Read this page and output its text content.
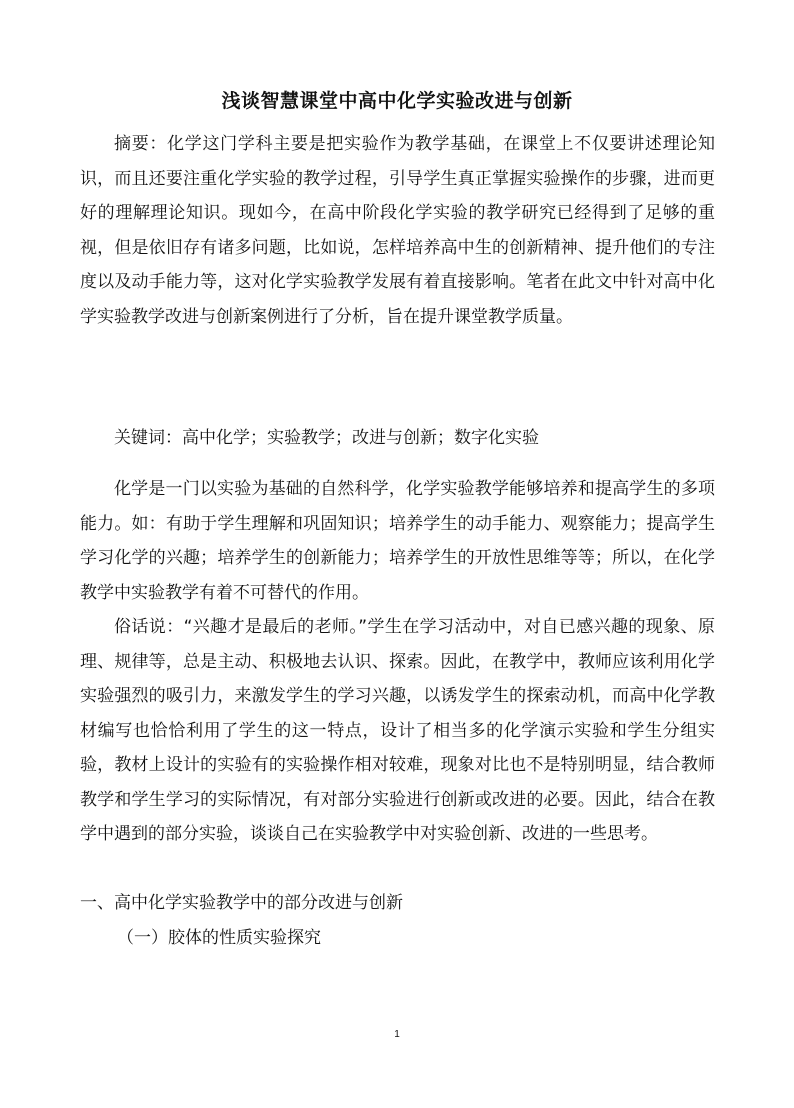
浅谈智慧课堂中高中化学实验改进与创新
摘要：化学这门学科主要是把实验作为教学基础，在课堂上不仅要讲述理论知识，而且还要注重化学实验的教学过程，引导学生真正掌握实验操作的步骤，进而更好的理解理论知识。现如今，在高中阶段化学实验的教学研究已经得到了足够的重视，但是依旧存有诸多问题，比如说，怎样培养高中生的创新精神、提升他们的专注度以及动手能力等，这对化学实验教学发展有着直接影响。笔者在此文中针对高中化学实验教学改进与创新案例进行了分析，旨在提升课堂教学质量。
关键词：高中化学；实验教学；改进与创新；数字化实验
化学是一门以实验为基础的自然科学，化学实验教学能够培养和提高学生的多项能力。如：有助于学生理解和巩固知识；培养学生的动手能力、观察能力；提高学生学习化学的兴趣；培养学生的创新能力；培养学生的开放性思维等等；所以，在化学教学中实验教学有着不可替代的作用。
俗话说：“兴趣才是最后的老师。”学生在学习活动中，对自已感兴趣的现象、原理、规律等，总是主动、积极地去认识、探索。因此，在教学中，教师应该利用化学实验强烈的吸引力，来激发学生的学习兴趣，以诱发学生的探索动机，而高中化学教材编写也恰恰利用了学生的这一特点，设计了相当多的化学演示实验和学生分组实验，教材上设计的实验有的实验操作相对较难，现象对比也不是特别明显，结合教师教学和学生学习的实际情况，有对部分实验进行创新或改进的必要。因此，结合在教学中遇到的部分实验，谈谈自己在实验教学中对实验创新、改进的一些思考。
一、高中化学实验教学中的部分改进与创新
（一）胶体的性质实验探究
1
